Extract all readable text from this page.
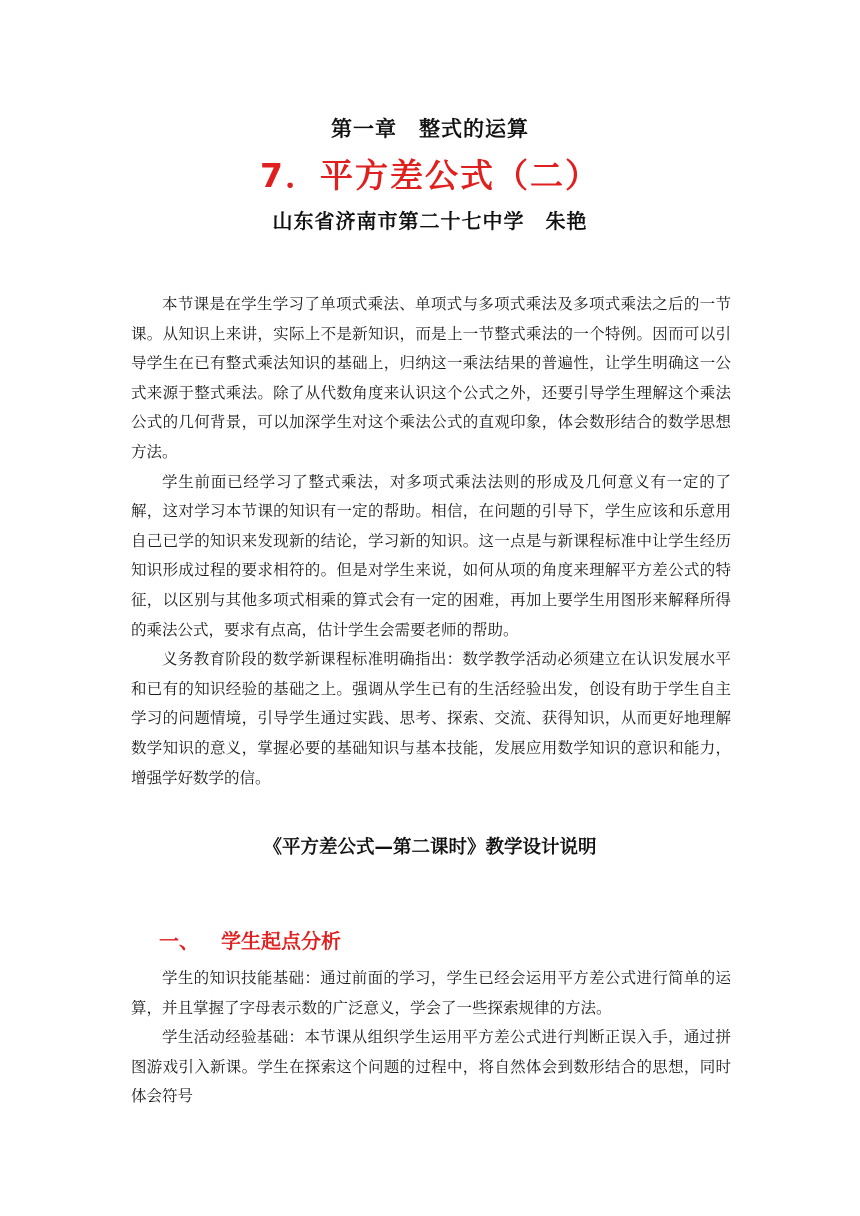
第一章　整式的运算
7．平方差公式（二）
山东省济南市第二十七中学　朱艳

本节课是在学生学习了单项式乘法、单项式与多项式乘法及多项式乘法之后的一节课。从知识上来讲，实际上不是新知识，而是上一节整式乘法的一个特例。因而可以引导学生在已有整式乘法知识的基础上，归纳这一乘法结果的普遍性，让学生明确这一公式来源于整式乘法。除了从代数角度来认识这个公式之外，还要引导学生理解这个乘法公式的几何背景，可以加深学生对这个乘法公式的直观印象，体会数形结合的数学思想方法。

学生前面已经学习了整式乘法，对多项式乘法法则的形成及几何意义有一定的了解，这对学习本节课的知识有一定的帮助。相信，在问题的引导下，学生应该和乐意用自己已学的知识来发现新的结论，学习新的知识。这一点是与新课程标准中让学生经历知识形成过程的要求相符的。但是对学生来说，如何从项的角度来理解平方差公式的特征，以区别与其他多项式相乘的算式会有一定的困难，再加上要学生用图形来解释所得的乘法公式，要求有点高，估计学生会需要老师的帮助。

义务教育阶段的数学新课程标准明确指出：数学教学活动必须建立在认识发展水平和已有的知识经验的基础之上。强调从学生已有的生活经验出发，创设有助于学生自主学习的问题情境，引导学生通过实践、思考、探索、交流、获得知识，从而更好地理解数学知识的意义，掌握必要的基础知识与基本技能，发展应用数学知识的意识和能力，增强学好数学的信。

《平方差公式—第二课时》教学设计说明
一、 学生起点分析

学生的知识技能基础：通过前面的学习，学生已经会运用平方差公式进行简单的运算，并且掌握了字母表示数的广泛意义，学会了一些探索规律的方法。

学生活动经验基础：本节课从组织学生运用平方差公式进行判断正误入手，通过拼图游戏引入新课。学生在探索这个问题的过程中，将自然体会到数形结合的思想，同时体会符号
